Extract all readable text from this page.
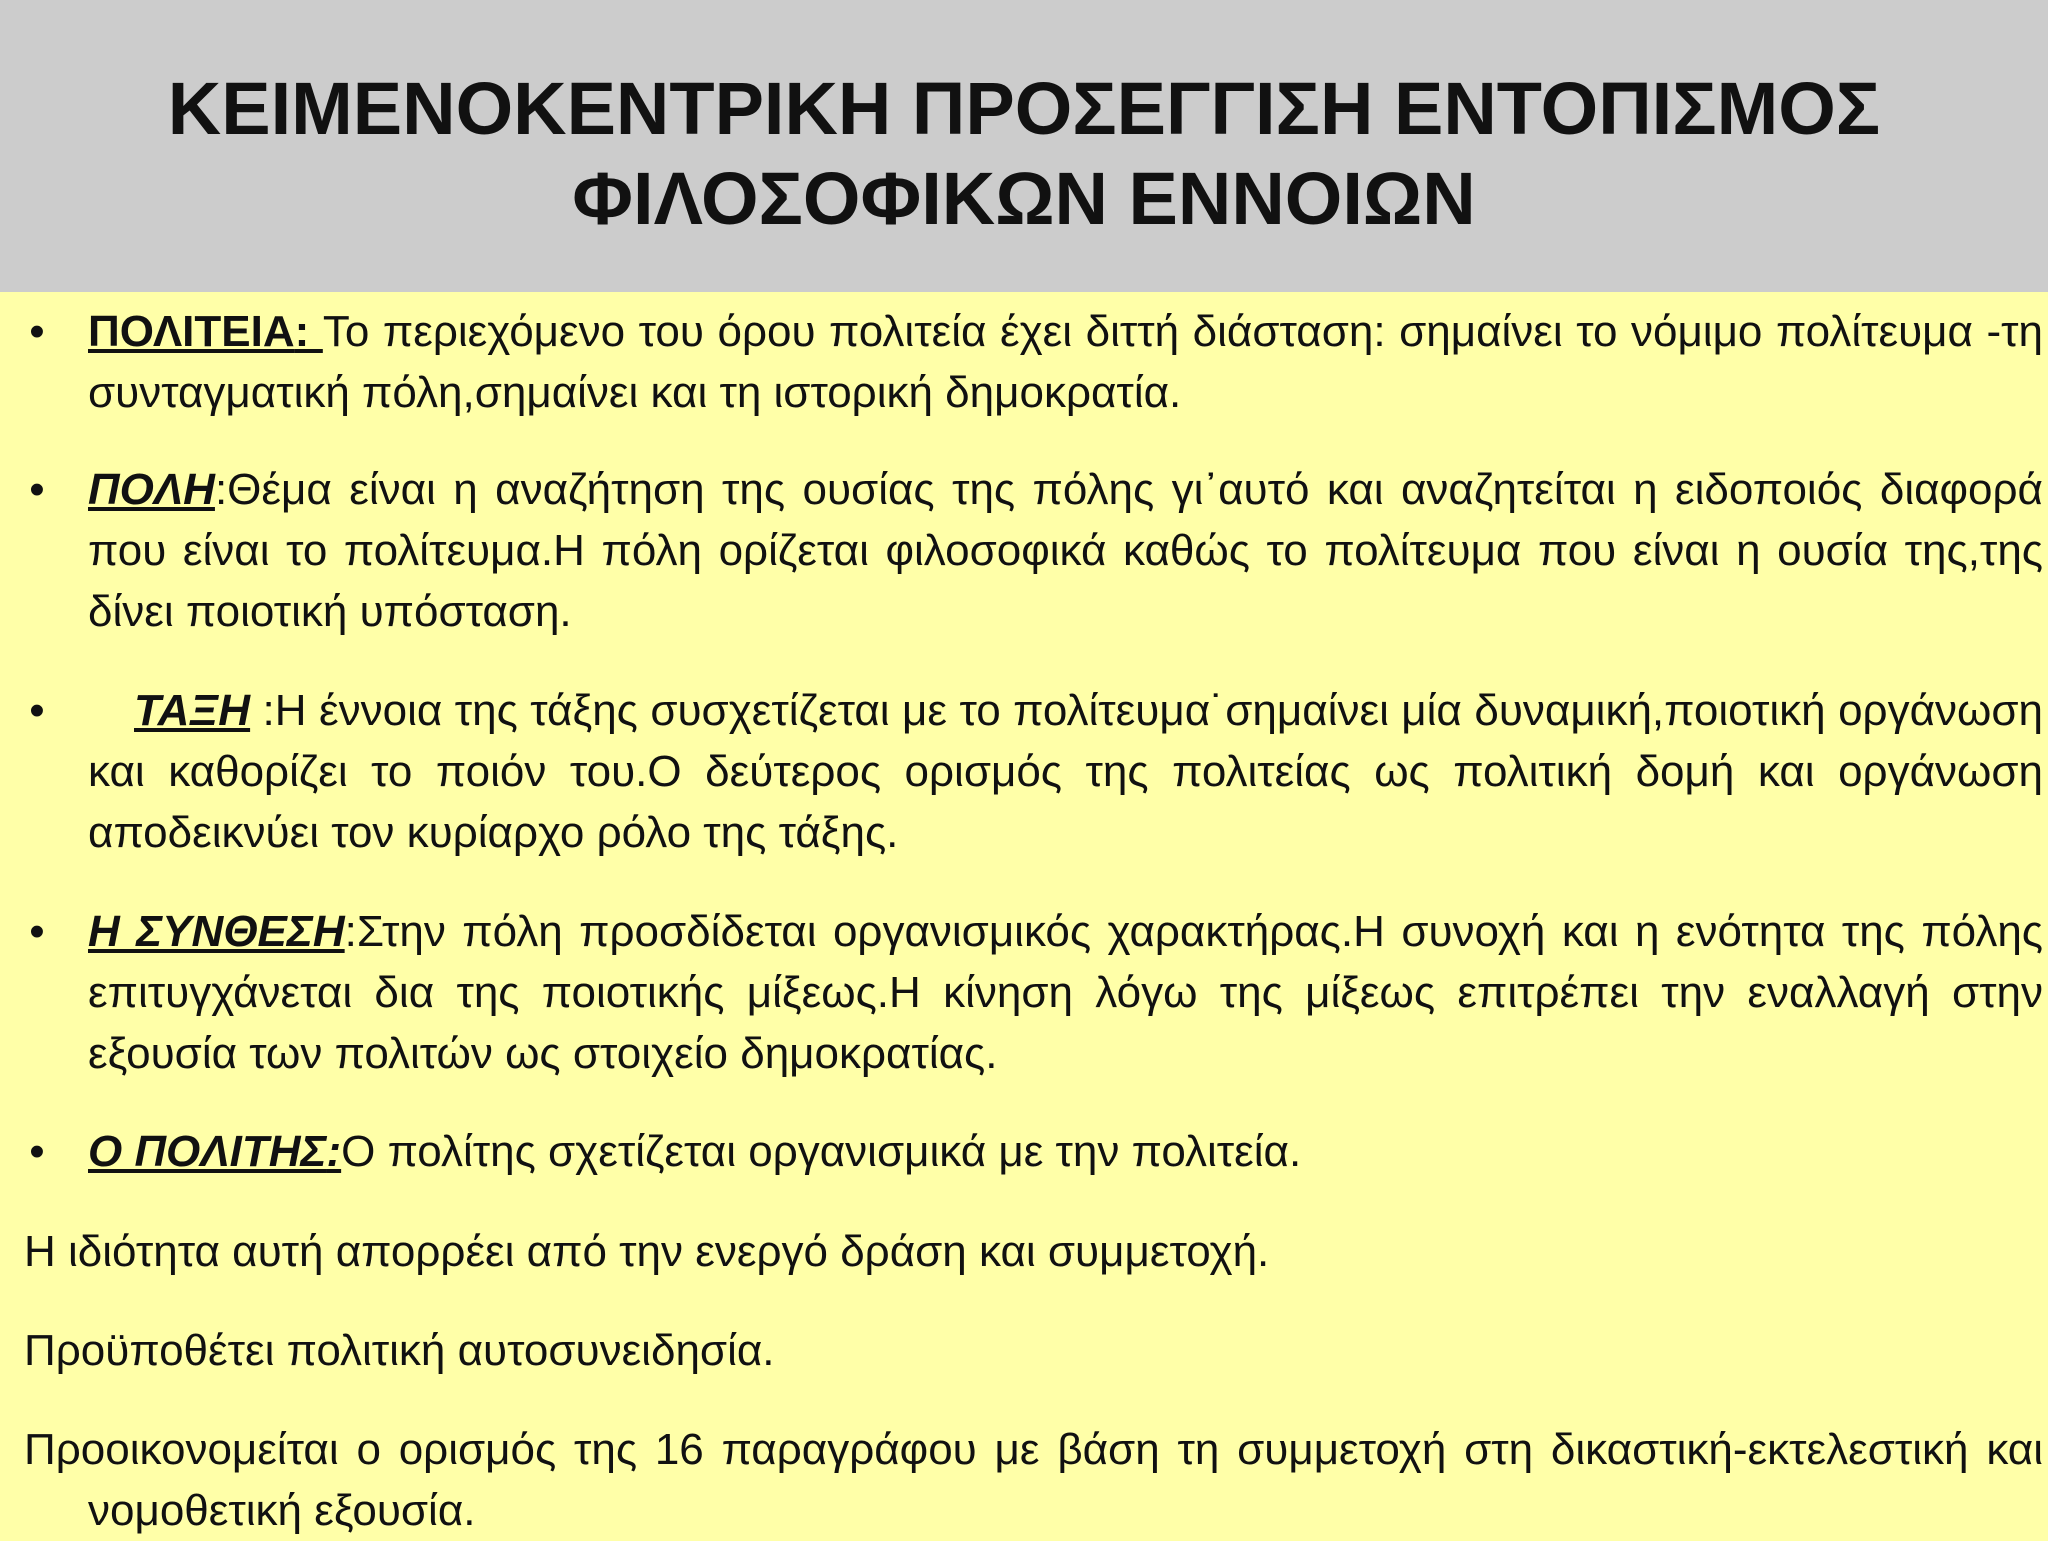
ΚΕΙΜΕΝΟΚΕΝΤΡΙΚΗ ΠΡΟΣΕΓΓΙΣΗ ΕΝΤΟΠΙΣΜΟΣ
ΦΙΛΟΣΟΦΙΚΩΝ ΕΝΝΟΙΩΝ
• ΠΟΛΙΤΕΙΑ: Το περιεχόμενο του όρου πολιτεία έχει διττή διάσταση: σημαίνει το νόμιμο πολίτευμα -τη συνταγματική πόλη,σημαίνει και τη ιστορική δημοκρατία.
• ΠΟΛΗ:Θέμα είναι η αναζήτηση της ουσίας της πόλης γι᾽αυτό και αναζητείται η ειδοποιός διαφορά που είναι το πολίτευμα.Η πόλη ορίζεται φιλοσοφικά καθώς το πολίτευμα που είναι η ουσία της,της δίνει ποιοτική υπόσταση.
• ΤΑΞΗ :Η έννοια της τάξης συσχετίζεται με το πολίτευμα˙σημαίνει μία δυναμική,ποιοτική οργάνωση και καθορίζει το ποιόν του.Ο δεύτερος ορισμός της πολιτείας ως πολιτική δομή και οργάνωση αποδεικνύει τον κυρίαρχο ρόλο της τάξης.
• Η ΣΥΝΘΕΣΗ:Στην πόλη προσδίδεται οργανισμικός χαρακτήρας.Η συνοχή και η ενότητα της πόλης επιτυγχάνεται δια της ποιοτικής μίξεως.Η κίνηση λόγω της μίξεως επιτρέπει την εναλλαγή στην εξουσία των πολιτών ως στοιχείο δημοκρατίας.
• Ο ΠΟΛΙΤΗΣ:Ο πολίτης σχετίζεται οργανισμικά με την πολιτεία.
Η ιδιότητα αυτή απορρέει από την ενεργό δράση και συμμετοχή.
Προϋποθέτει πολιτική αυτοσυνειδησία.
Προοικονομείται ο ορισμός της 16 παραγράφου με βάση τη συμμετοχή στη δικαστική-εκτελεστική και νομοθετική εξουσία.
